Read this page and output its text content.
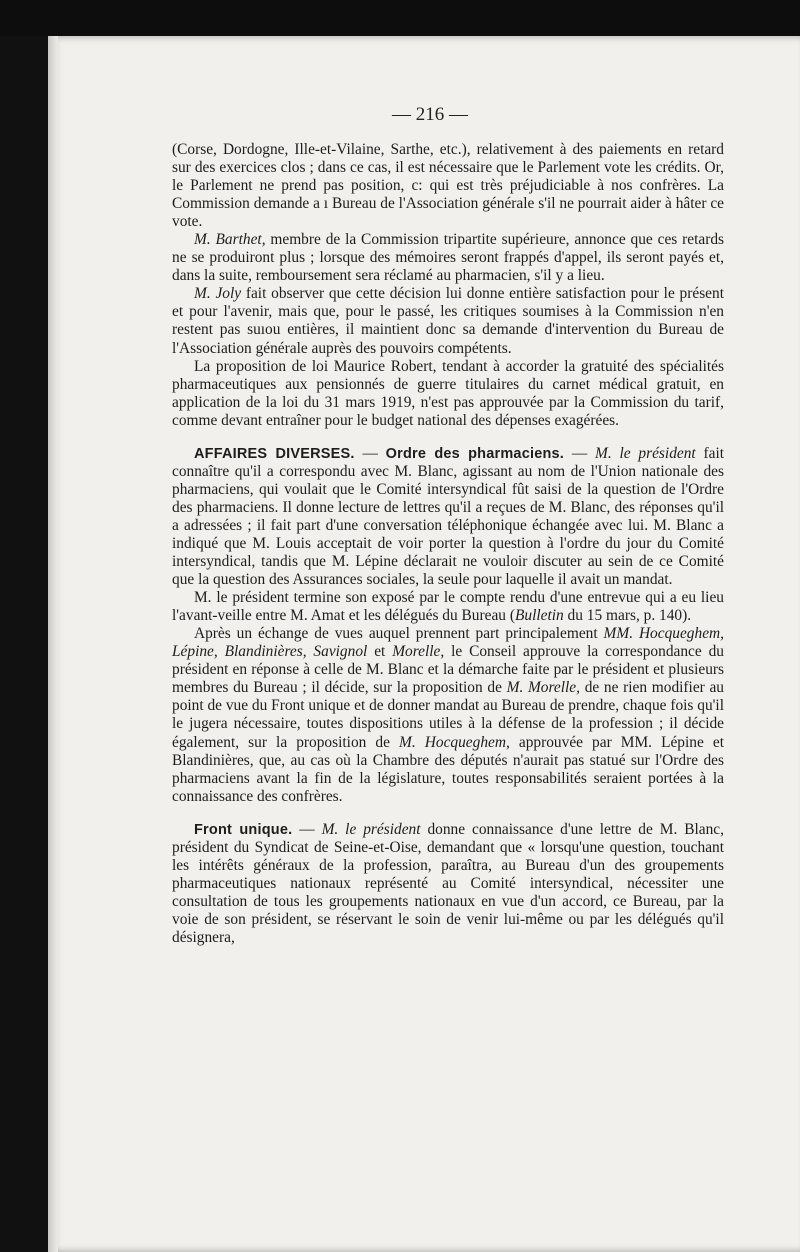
— 216 —

(Corse, Dordogne, Ille-et-Vilaine, Sarthe, etc.), relativement à des paiements en retard sur des exercices clos ; dans ce cas, il est nécessaire que le Parlement vote les crédits. Or, le Parlement ne prend pas position, c: qui est très préjudiciable à nos confrères. La Commission demande a ı Bureau de l'Association générale s'il ne pourrait aider à hâter ce vote.

M. Barthet, membre de la Commission tripartite supérieure, annonce que ces retards ne se produiront plus ; lorsque des mémoires seront frappés d'appel, ils seront payés et, dans la suite, remboursement sera réclamé au pharmacien, s'il y a lieu.

M. Joly fait observer que cette décision lui donne entière satisfaction pour le présent et pour l'avenir, mais que, pour le passé, les critiques soumises à la Commission n'en restent pas suıou entières, il maintient donc sa demande d'intervention du Bureau de l'Association générale auprès des pouvoirs compétents.

La proposition de loi Maurice Robert, tendant à accorder la gratuité des spécialités pharmaceutiques aux pensionnés de guerre titulaires du carnet médical gratuit, en application de la loi du 31 mars 1919, n'est pas approuvée par la Commission du tarif, comme devant entraîner pour le budget national des dépenses exagérées.

AFFAIRES DIVERSES. — Ordre des pharmaciens. — M. le président fait connaître qu'il a correspondu avec M. Blanc, agissant au nom de l'Union nationale des pharmaciens, qui voulait que le Comité intersyndical fût saisi de la question de l'Ordre des pharmaciens. Il donne lecture de lettres qu'il a reçues de M. Blanc, des réponses qu'il a adressées ; il fait part d'une conversation téléphonique échangée avec lui. M. Blanc a indiqué que M. Louis acceptait de voir porter la question à l'ordre du jour du Comité intersyndical, tandis que M. Lépine déclarait ne vouloir discuter au sein de ce Comité que la question des Assurances sociales, la seule pour laquelle il avait un mandat.

M. le président termine son exposé par le compte rendu d'une entrevue qui a eu lieu l'avant-veille entre M. Amat et les délégués du Bureau (Bulletin du 15 mars, p. 140).

Après un échange de vues auquel prennent part principalement MM. Hocqueghem, Lépine, Blandinières, Savignol et Morelle, le Conseil approuve la correspondance du président en réponse à celle de M. Blanc et la démarche faite par le président et plusieurs membres du Bureau ; il décide, sur la proposition de M. Morelle, de ne rien modifier au point de vue du Front unique et de donner mandat au Bureau de prendre, chaque fois qu'il le jugera nécessaire, toutes dispositions utiles à la défense de la profession ; il décide également, sur la proposition de M. Hocqueghem, approuvée par MM. Lépine et Blandinières, que, au cas où la Chambre des députés n'aurait pas statué sur l'Ordre des pharmaciens avant la fin de la législature, toutes responsabilités seraient portées à la connaissance des confrères.

Front unique. — M. le président donne connaissance d'une lettre de M. Blanc, président du Syndicat de Seine-et-Oise, demandant que « lorsqu'une question, touchant les intérêts généraux de la profession, paraîtra, au Bureau d'un des groupements pharmaceutiques nationaux représenté au Comité intersyndical, nécessiter une consultation de tous les groupements nationaux en vue d'un accord, ce Bureau, par la voie de son président, se réservant le soin de venir lui-même ou par les délégués qu'il désignera,
